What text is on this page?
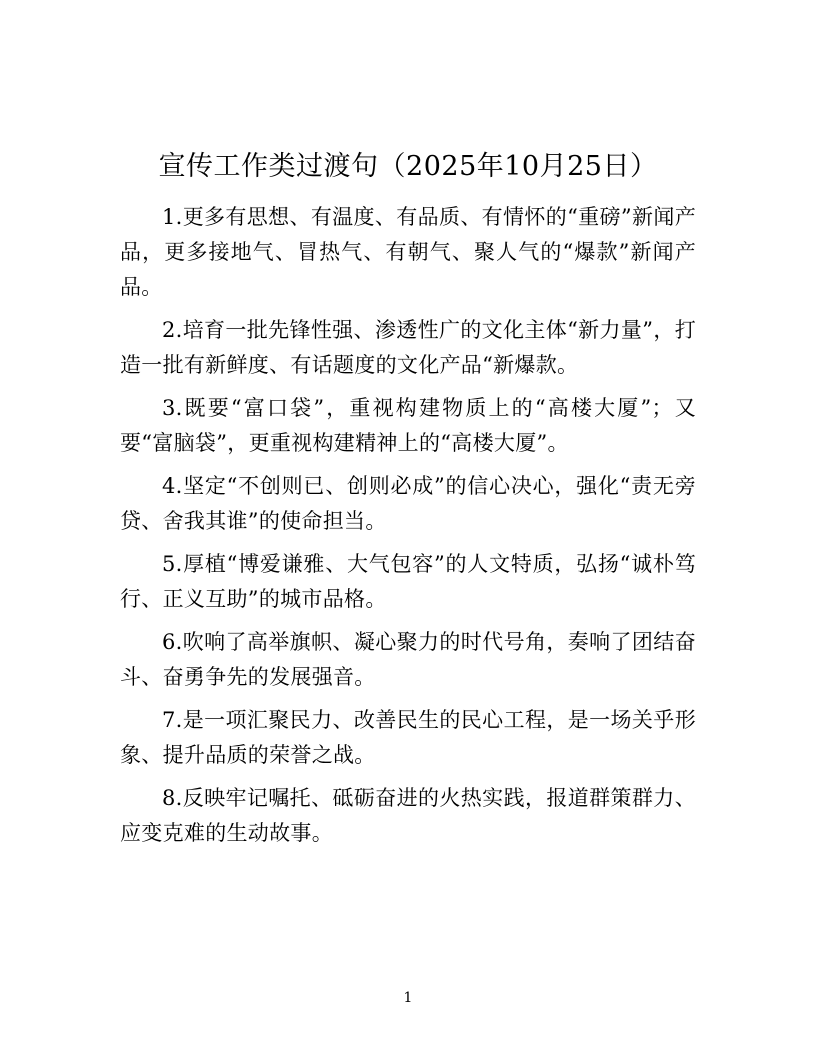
宣传工作类过渡句（2025年10月25日）

1.更多有思想、有温度、有品质、有情怀的“重磅”新闻产品，更多接地气、冒热气、有朝气、聚人气的“爆款”新闻产品。

2.培育一批先锋性强、渗透性广的文化主体“新力量”，打造一批有新鲜度、有话题度的文化产品“新爆款。

3.既要“富口袋”，重视构建物质上的“高楼大厦”；又要“富脑袋”，更重视构建精神上的“高楼大厦”。

4.坚定“不创则已、创则必成”的信心决心，强化“责无旁贷、舍我其谁”的使命担当。

5.厚植“博爱谦雅、大气包容”的人文特质，弘扬“诚朴笃行、正义互助”的城市品格。

6.吹响了高举旗帜、凝心聚力的时代号角，奏响了团结奋斗、奋勇争先的发展强音。

7.是一项汇聚民力、改善民生的民心工程，是一场关乎形象、提升品质的荣誉之战。

8.反映牢记嘱托、砥砺奋进的火热实践，报道群策群力、应变克难的生动故事。

1
